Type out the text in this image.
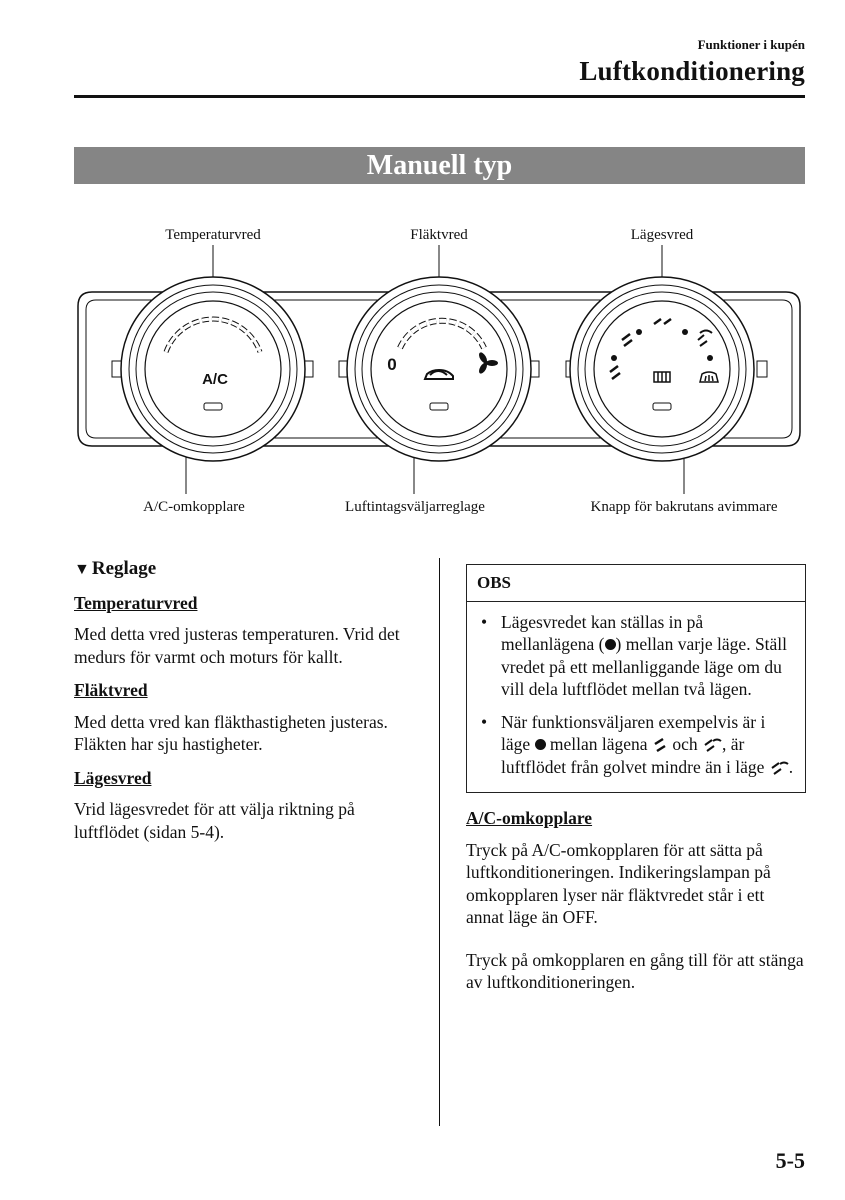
Funktioner i kupén
Luftkonditionering
Manuell typ
Temperaturvred	Fläktvred	Lägesvred
A/C-omkopplare	Luftintagsväljarreglage	Knapp för bakrutans avimmare
A/C
0
▼ Reglage
Temperaturvred

Med detta vred justeras temperaturen. Vrid det medurs för varmt och moturs för kallt.

Fläktvred

Med detta vred kan fläkthastigheten justeras. Fläkten har sju hastigheter.

Lägesvred

Vrid lägesvredet för att välja riktning på luftflödet (sidan 5-4).

OBS
• Lägesvredet kan ställas in på mellanlägena ( ) mellan varje läge. Ställ vredet på ett mellanliggande läge om du vill dela luftflödet mellan två lägen.
• När funktionsväljaren exempelvis är i läge mellan lägena och , är luftflödet från golvet mindre än i läge .
A/C-omkopplare

Tryck på A/C-omkopplaren för att sätta på luftkonditioneringen. Indikeringslampan på omkopplaren lyser när fläktvredet står i ett annat läge än OFF.

Tryck på omkopplaren en gång till för att stänga av luftkonditioneringen.

5-5
